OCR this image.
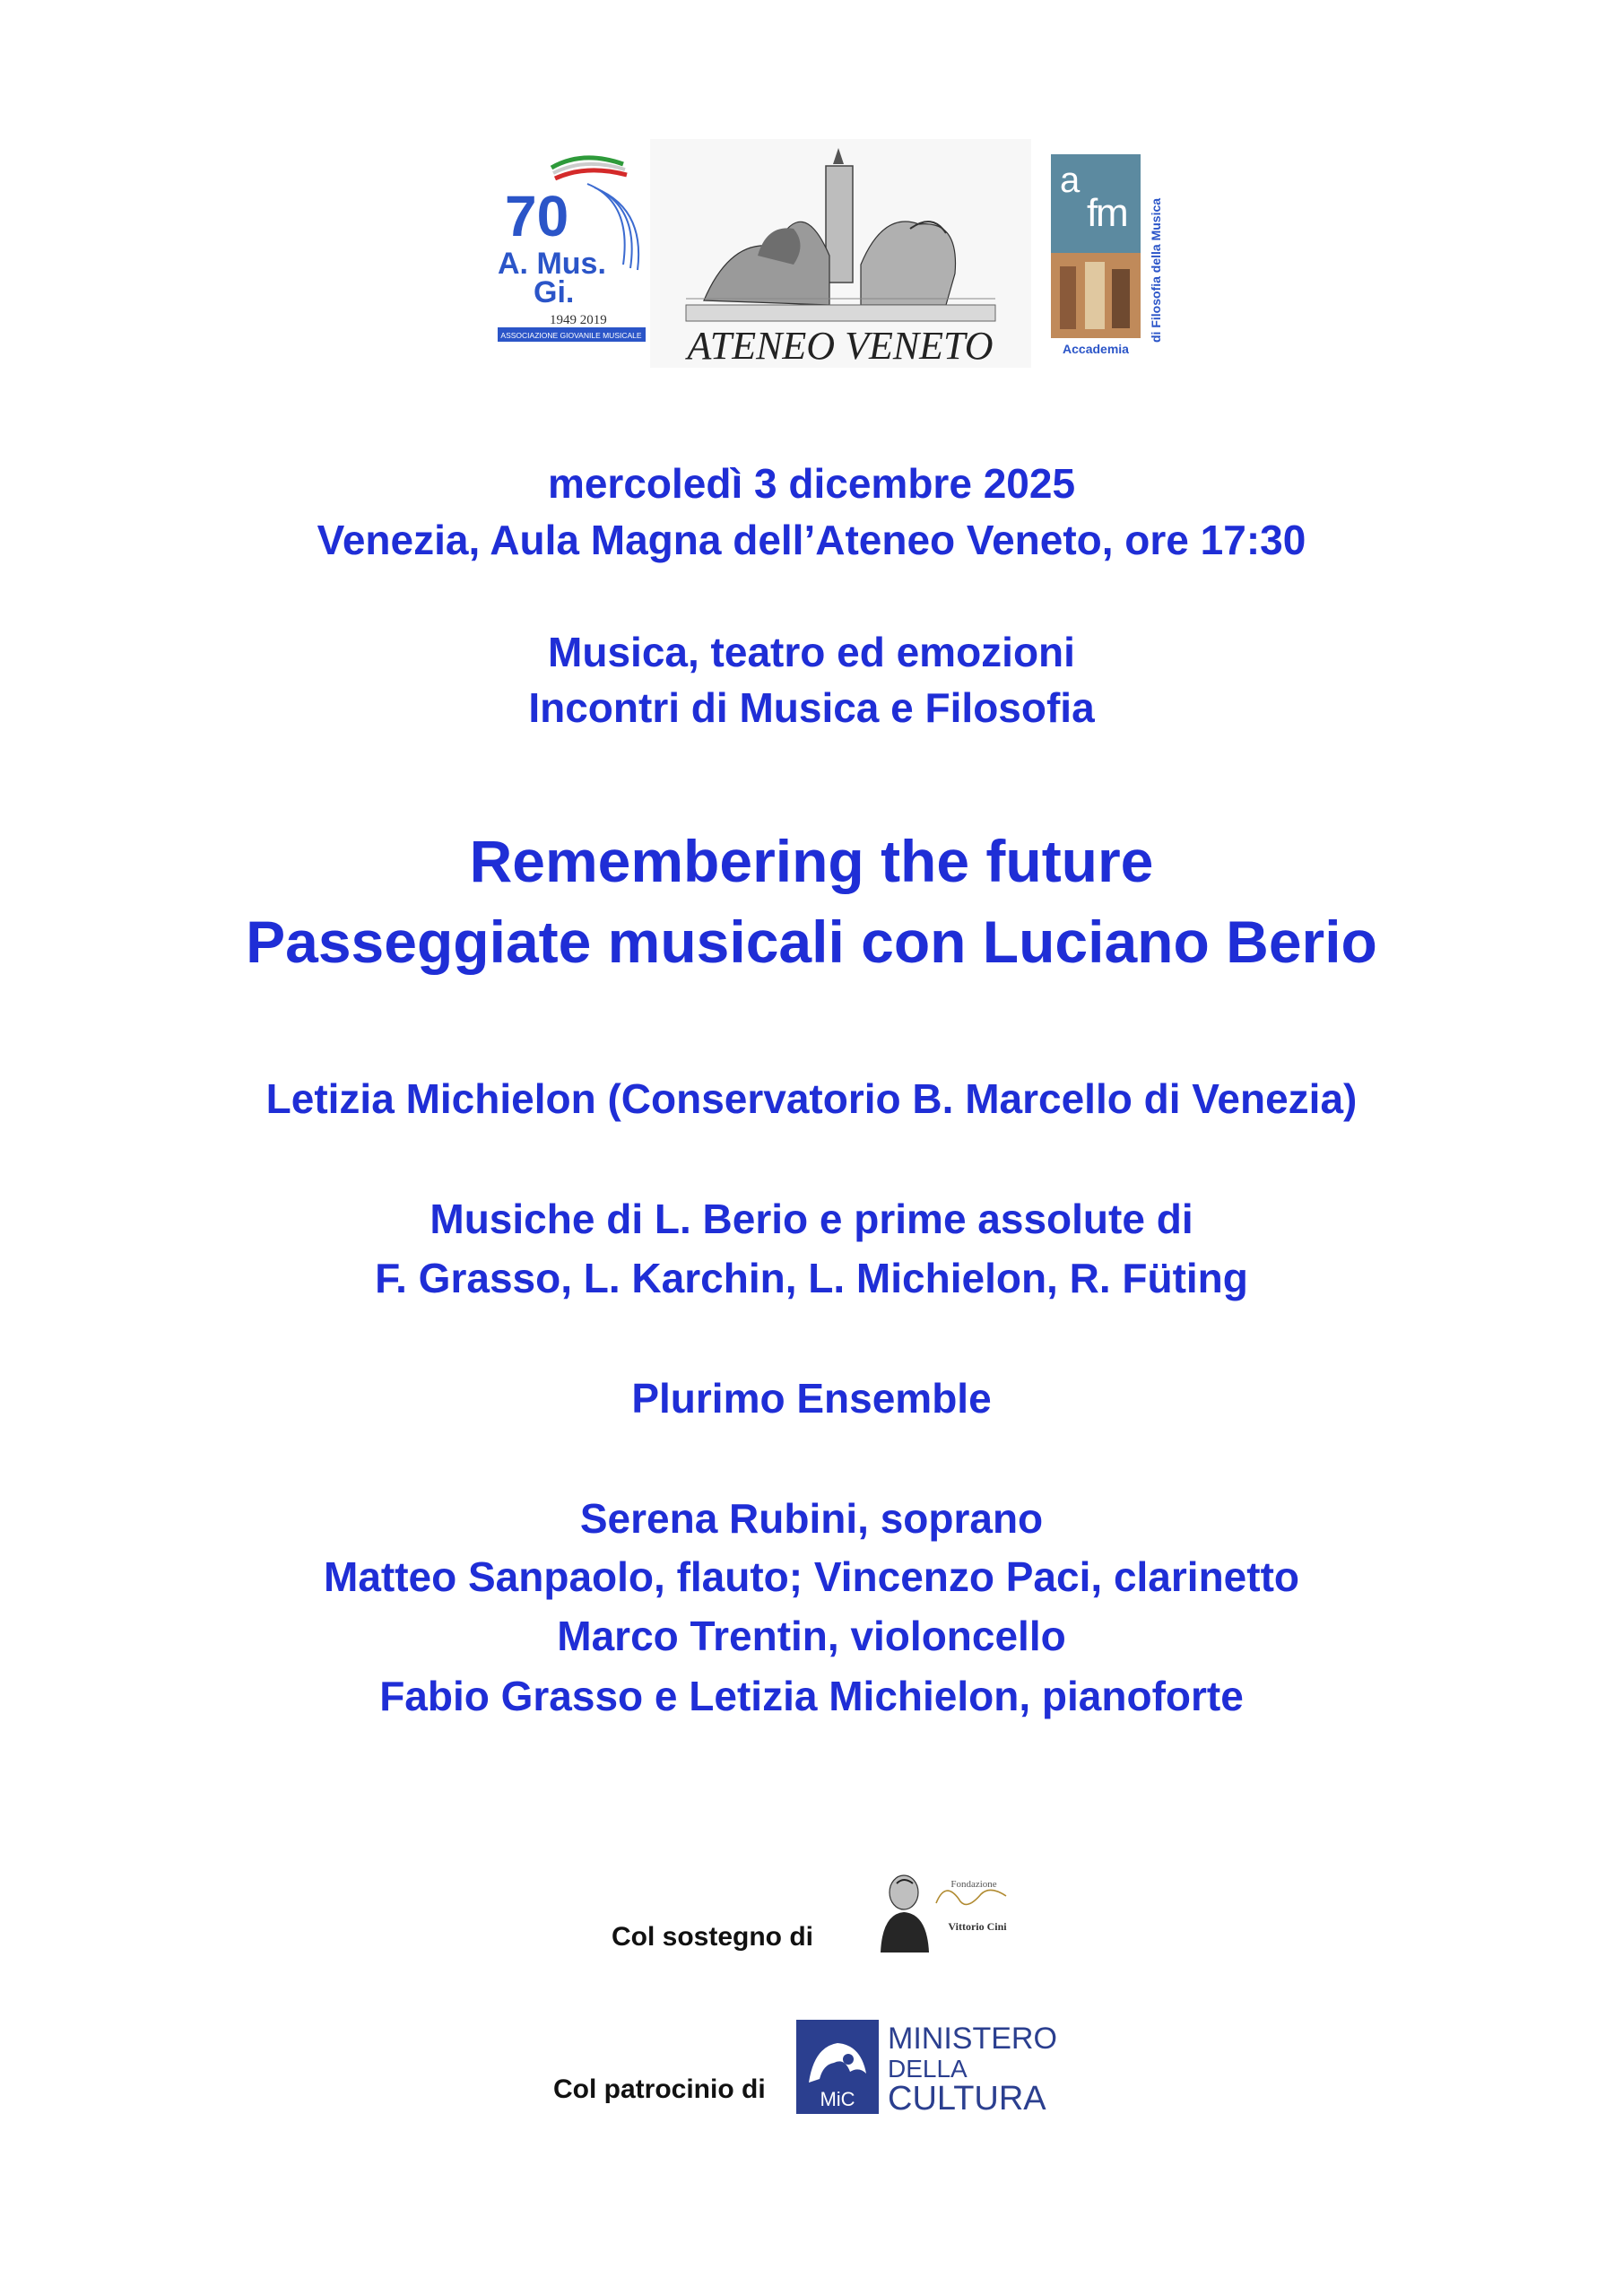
70
A. Mus.
Gi.
1949 2019
ASSOCIAZIONE GIOVANILE MUSICALE ATENEO VENETO
a
f
m
Accademia
di Filosofia della Musica
mercoledì 3 dicembre 2025
Venezia, Aula Magna dell’Ateneo Veneto, ore 17:30
Musica, teatro ed emozioni
Incontri di Musica e Filosofia
Remembering the future
Passeggiate musicali con Luciano Berio
Letizia Michielon (Conservatorio B. Marcello di Venezia)
Musiche di L. Berio e prime assolute di
F. Grasso, L. Karchin, L. Michielon, R. Füting
Plurimo Ensemble
Serena Rubini, soprano
Matteo Sanpaolo, flauto; Vincenzo Paci, clarinetto
Marco Trentin, violoncello
Fabio Grasso e Letizia Michielon, pianoforte
Col sostegno di
Fondazione
Vittorio Cini
Col patrocinio di	MiC
MINISTERO
DELLA
CULTURA
